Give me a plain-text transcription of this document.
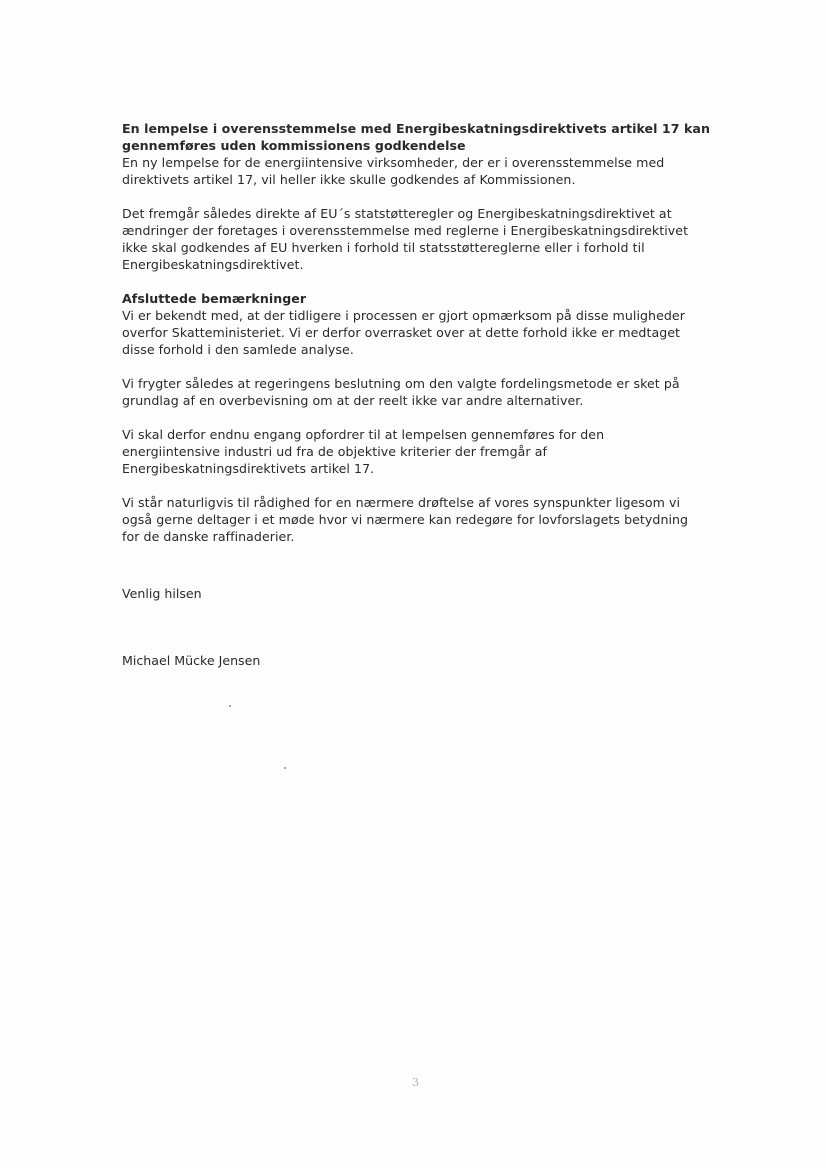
En lempelse i overensstemmelse med Energibeskatningsdirektivets artikel 17 kan
gennemføres uden kommissionens godkendelse

En ny lempelse for de energiintensive virksomheder, der er i overensstemmelse med
direktivets artikel 17, vil heller ikke skulle godkendes af Kommissionen.

Det fremgår således direkte af EU´s statstøtteregler og Energibeskatningsdirektivet at
ændringer der foretages i overensstemmelse med reglerne i Energibeskatningsdirektivet
ikke skal godkendes af EU hverken i forhold til statsstøttereglerne eller i forhold til
Energibeskatningsdirektivet.

Afsluttede bemærkninger

Vi er bekendt med, at der tidligere i processen er gjort opmærksom på disse muligheder
overfor Skatteministeriet. Vi er derfor overrasket over at dette forhold ikke er medtaget
disse forhold i den samlede analyse.

Vi frygter således at regeringens beslutning om den valgte fordelingsmetode er sket på
grundlag af en overbevisning om at der reelt ikke var andre alternativer.

Vi skal derfor endnu engang opfordrer til at lempelsen gennemføres for den
energiintensive industri ud fra de objektive kriterier der fremgår af
Energibeskatningsdirektivets artikel 17.

Vi står naturligvis til rådighed for en nærmere drøftelse af vores synspunkter ligesom vi
også gerne deltager i et møde hvor vi nærmere kan redegøre for lovforslagets betydning
for de danske raffinaderier.

Venlig hilsen
Michael Mücke Jensen
3
